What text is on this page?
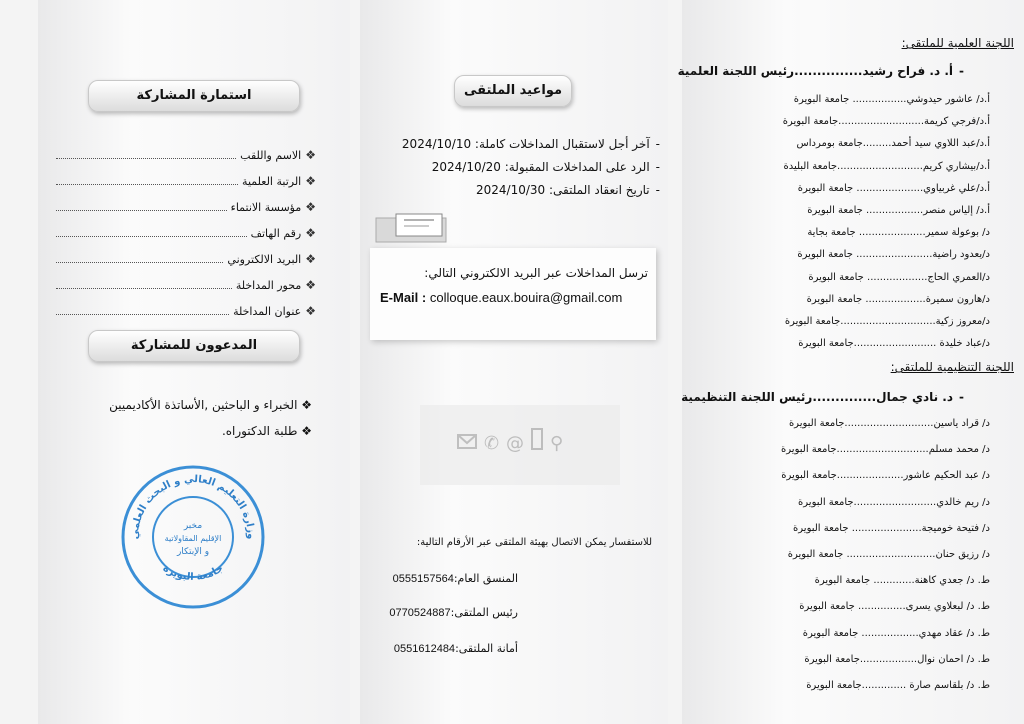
استمارة المشاركة
❖
الاسم واللقب
❖
الرتبة العلمية
❖
مؤسسة الانتماء
❖
رقم الهاتف
❖
البريد الالكتروني
❖
محور المداخلة
❖
عنوان المداخلة
المدعوون للمشاركة
❖ الخبراء و الباحثين ,الأساتذة الأكاديميين
❖ طلبة الدكتوراه.
وزارة التعليم العالي و البحث العلمي
جامعة البويرة
مخبر
الإقليم المقاولاتية
و الإبتكار
مواعيد الملتقى
-آخر أجل لاستقبال المداخلات كاملة: 2024/10/10
-الرد على المداخلات المقبولة: 2024/10/20
-تاريخ انعقاد الملتقى: 2024/10/30
ترسل المداخلات عبر البريد الالكتروني التالي:
E-Mail : colloque.eaux.bouira@gmail.com
✆ @ ⚲
للاستفسار يمكن الاتصال بهيئة الملتقى عبر الأرقام التالية:
المنسق العام:0555157564
رئيس الملتقى:0770524887
أمانة الملتقى:0551612484
اللجنة العلمية للملتقى:
-أ. د. فراح رشيد...............رئيس اللجنة العلمية
أ.د/ عاشور حيدوشي................. جامعة البويرة
أ.د/فرجي كريمة...........................جامعة البويرة
أ.د/عبد اللاوي سيد أحمد.........جامعة بومرداس
أ.د/بيشاري كريم...........................جامعة البليدة
أ.د/علي غربياوي..................... جامعة البويرة
أ.د/ إلياس منصر.................. جامعة البويرة
د/ بوعولة سمير..................... جامعة بجاية
د/يعدود راضية........................ جامعة البويرة
د/العمري الحاج................... جامعة البويرة
د/هارون سميرة................... جامعة البويرة
د/معروز زكية..............................جامعة البويرة
د/عباد خليدة ..........................جامعة البويرة
اللجنة التنظيمية للملتقى:
-د. نادي جمال..............رئيس اللجنة التنظيمية
د/ قراد ياسين............................جامعة البويرة
د/ محمد مسلم.............................جامعة البويرة
د/ عبد الحكيم عاشور.....................جامعة البويرة
د/ ريم خالدي..........................جامعة البويرة
د/ فتيحة خوميجة...................... جامعة البويرة
د/ رزيق حنان............................ جامعة البويرة
ط. د/ جعدي كاهنة............. جامعة البويرة
ط. د/ لبعلاوي يسرى............... جامعة البويرة
ط. د/ عقاد مهدي.................. جامعة البويرة
ط. د/ احمان نوال..................جامعة البويرة
ط. د/ بلقاسم صارة ..............جامعة البويرة
